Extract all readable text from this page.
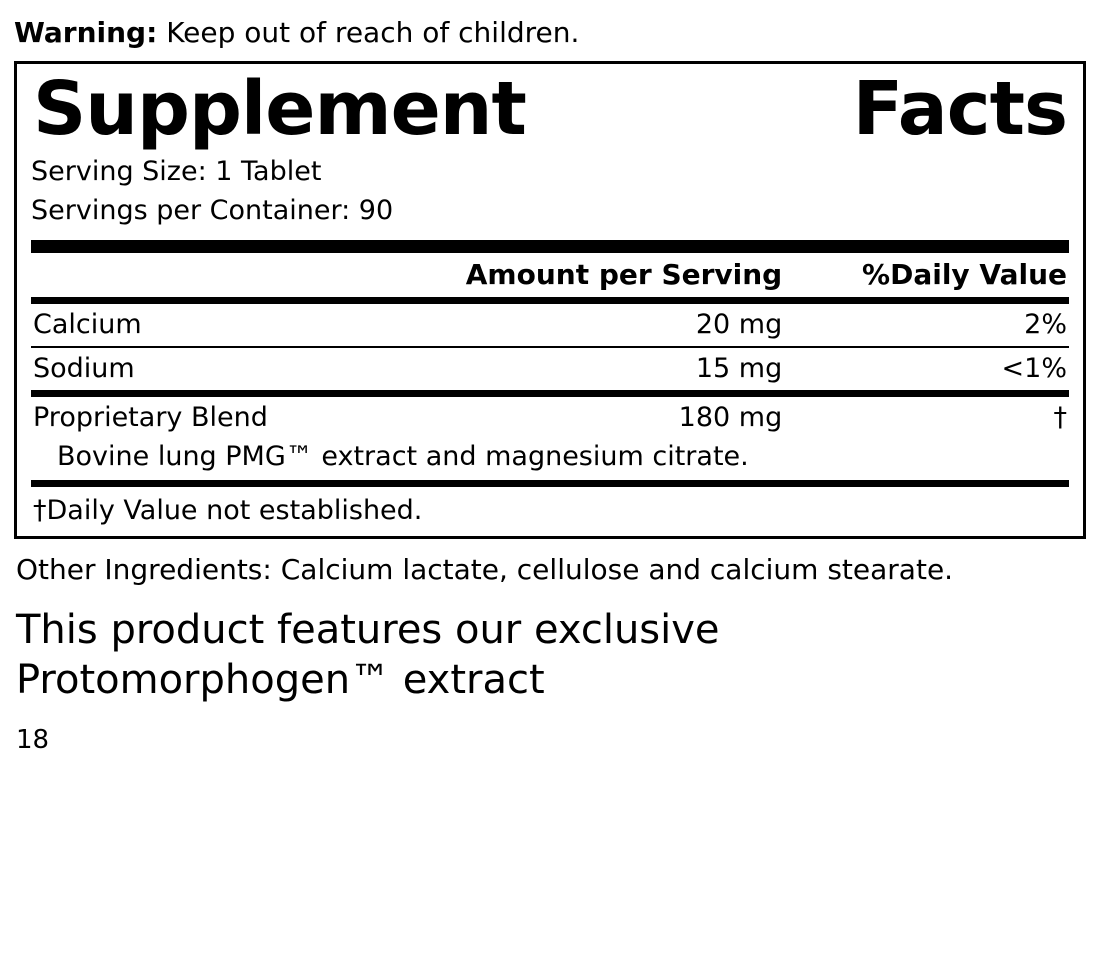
Warning: Keep out of reach of children.
Supplement	Facts
Serving Size: 1 Tablet
Servings per Container: 90
	Amount per Serving	%Daily Value
Calcium	20 mg	2%
Sodium	15 mg	<1%
Proprietary Blend	180 mg	†
Bovine lung PMG™ extract and magnesium citrate.
†Daily Value not established.
Other Ingredients: Calcium lactate, cellulose and calcium stearate.
This product features our exclusive
Protomorphogen™ extract
18
